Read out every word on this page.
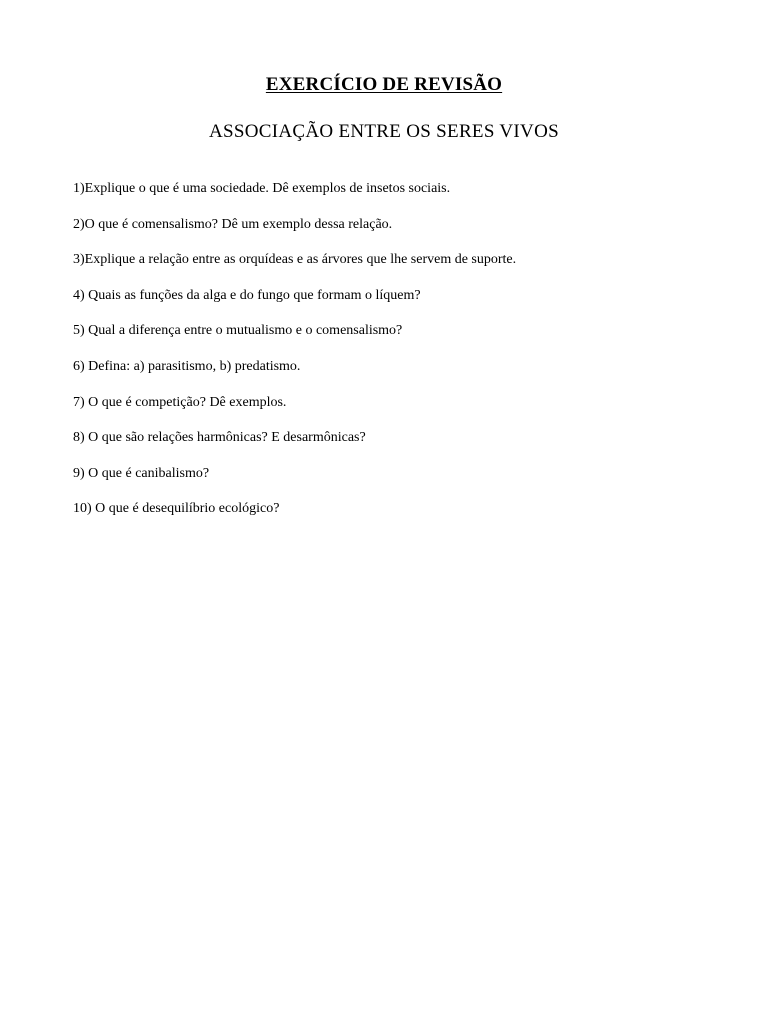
EXERCÍCIO DE REVISÃO
ASSOCIAÇÃO ENTRE OS SERES VIVOS
1)Explique o que é uma sociedade. Dê exemplos de insetos sociais.
2)O que é comensalismo? Dê um exemplo dessa relação.
3)Explique a relação entre as orquídeas e as árvores que lhe servem de suporte.
4) Quais as funções da alga e do fungo que formam o líquem?
5) Qual a diferença entre o mutualismo e o comensalismo?
6) Defina: a) parasitismo, b) predatismo.
7) O que é competição? Dê exemplos.
8) O que são relações harmônicas? E desarmônicas?
9) O que é canibalismo?
10) O que é desequilíbrio ecológico?
